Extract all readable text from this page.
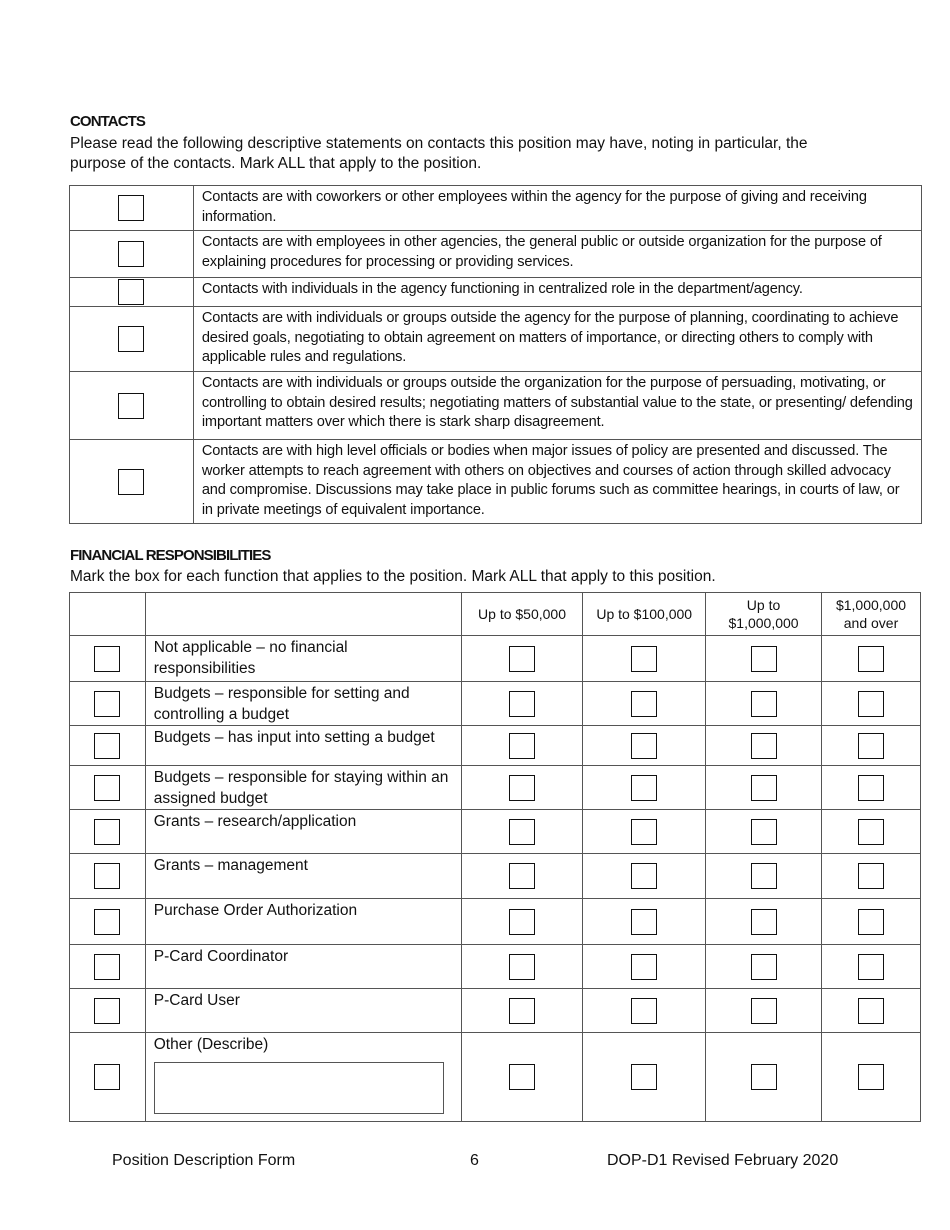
CONTACTS
Please read the following descriptive statements on contacts this position may have, noting in particular, the purpose of the contacts. Mark ALL that apply to the position.
	Contacts are with coworkers or other employees within the agency for the purpose of giving and receiving information.

	Contacts are with employees in other agencies, the general public or outside organization for the purpose of explaining procedures for processing or providing services.

	Contacts with individuals in the agency functioning in centralized role in the department/agency.

	Contacts are with individuals or groups outside the agency for the purpose of planning, coordinating to achieve desired goals, negotiating to obtain agreement on matters of importance, or directing others to comply with applicable rules and regulations.

	Contacts are with individuals or groups outside the organization for the purpose of persuading, motivating, or controlling to obtain desired results; negotiating matters of substantial value to the state, or presenting/ defending important matters over which there is stark sharp disagreement.

	Contacts are with high level officials or bodies when major issues of policy are presented and discussed. The worker attempts to reach agreement with others on objectives and courses of action through skilled advocacy and compromise. Discussions may take place in public forums such as committee hearings, in courts of law, or in private meetings of equivalent importance.
FINANCIAL RESPONSIBILITIES
Mark the box for each function that applies to the position. Mark ALL that apply to this position.
		Up to $50,000	Up to $100,000	Up to $1,000,000	$1,000,000 and over

	Not applicable – no financial responsibilities	

	Budgets – responsible for setting and controlling a budget	

	Budgets – has input into setting a budget	

	Budgets – responsible for staying within an assigned budget	

	Grants – research/application	

	Grants – management	

	Purchase Order Authorization	

	P-Card Coordinator	

	P-Card User	

	Other (Describe)				

Position Description Form	6	DOP-D1 Revised February 2020
